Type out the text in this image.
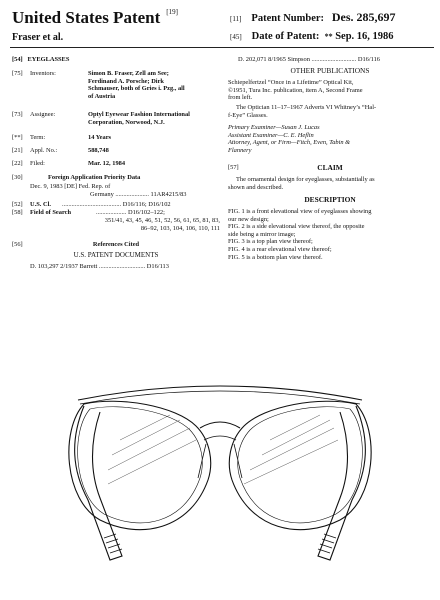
United States Patent [19]
Fraser et al.
[11] Patent Number: Des. 285,697
[45] Date of Patent: ** Sep. 16, 1986
[54] EYEGLASSES
[75] Inventors:	Simon B. Fraser, Zell am See;
Ferdinand A. Porsche; Dirk
Schmauser, both of Gries i. Pzg., all
of Austria
[73] Assignee:	Optyl Eyewear Fashion International
Corporation, Norwood, N.J.
[**] Term:	14 Years
[21] Appl. No.:	588,748
[22] Filed:	Mar. 12, 1984
[30]	Foreign Application Priority Data
Dec. 9, 1983 [DE] Fed. Rep. of
Germany ..................... 11AR4215/83
[52] U.S. Cl. ..................................... D16/116; D16/102
[58] Field of Search	................... D16/102–122;
351/41, 43, 45, 46, 51, 52, 56, 61, 65, 81, 83,
86–92, 103, 104, 106, 110, 111
[56]	References Cited
U.S. PATENT DOCUMENTS
D. 103,297 2/1937 Barrett ............................. D16/113
D. 202,071 8/1965 Simpson ............................ D16/116
OTHER PUBLICATIONS
Schiepelfertzel “Once in a Lifetime” Optical Kit,
©1951, Tura Inc. publication, item A, Second Frame
from left.
The Optician 11–17–1967 Adverts VI Whitney’s “Hal-
f-Eye” Glasses.
Primary Examiner—Susan J. Lucas
Assistant Examiner—C. E. Heflin
Attorney, Agent, or Firm—Fitch, Even, Tabin &
Flannery
[57]	CLAIM
The ornamental design for eyeglasses, substantially as
shown and described.
DESCRIPTION
FIG. 1 is a front elevational view of eyeglasses showing
our new design;
FIG. 2 is a side elevational view thereof, the opposite
side being a mirror image;
FIG. 3 is a top plan view thereof;
FIG. 4 is a rear elevational view thereof;
FIG. 5 is a bottom plan view thereof.
